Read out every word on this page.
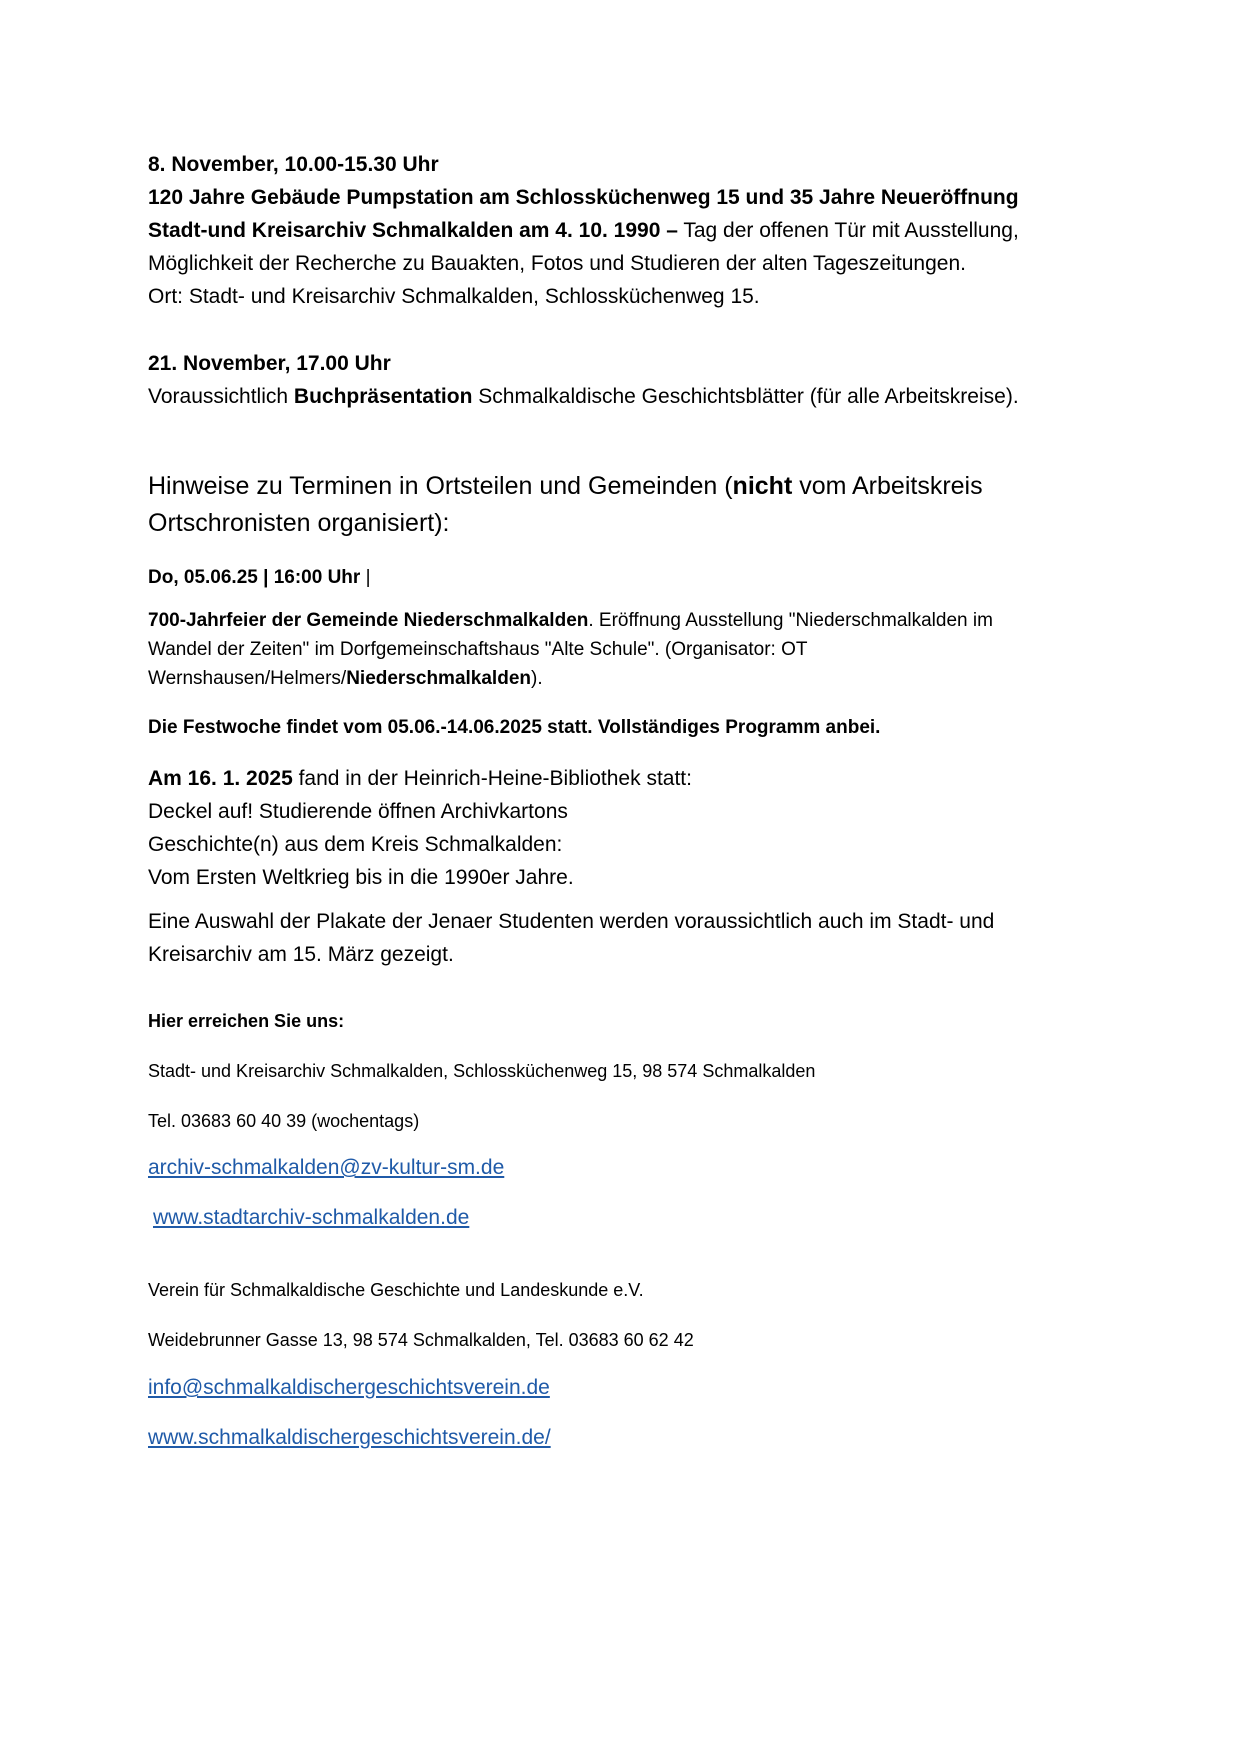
8. November, 10.00-15.30 Uhr
120 Jahre Gebäude Pumpstation am Schlossküchenweg 15 und 35 Jahre Neueröffnung
Stadt-und Kreisarchiv Schmalkalden am 4. 10. 1990 – Tag der offenen Tür mit Ausstellung,
Möglichkeit der Recherche zu Bauakten, Fotos und Studieren der alten Tageszeitungen.
Ort: Stadt- und Kreisarchiv Schmalkalden, Schlossküchenweg 15.
21. November, 17.00 Uhr
Voraussichtlich Buchpräsentation Schmalkaldische Geschichtsblätter (für alle Arbeitskreise).
Hinweise zu Terminen in Ortsteilen und Gemeinden (nicht vom Arbeitskreis
Ortschronisten organisiert):
Do, 05.06.25 | 16:00 Uhr |
700-Jahrfeier der Gemeinde Niederschmalkalden. Eröffnung Ausstellung "Niederschmalkalden im
Wandel der Zeiten" im Dorfgemeinschaftshaus "Alte Schule". (Organisator: OT
Wernshausen/Helmers/Niederschmalkalden).
Die Festwoche findet vom 05.06.-14.06.2025 statt. Vollständiges Programm anbei.
Am 16. 1. 2025 fand in der Heinrich-Heine-Bibliothek statt:
Deckel auf! Studierende öffnen Archivkartons
Geschichte(n) aus dem Kreis Schmalkalden:
Vom Ersten Weltkrieg bis in die 1990er Jahre.
Eine Auswahl der Plakate der Jenaer Studenten werden voraussichtlich auch im Stadt- und
Kreisarchiv am 15. März gezeigt.
Hier erreichen Sie uns:
Stadt- und Kreisarchiv Schmalkalden, Schlossküchenweg 15, 98 574 Schmalkalden
Tel. 03683 60 40 39 (wochentags)
archiv-schmalkalden@zv-kultur-sm.de
www.stadtarchiv-schmalkalden.de
Verein für Schmalkaldische Geschichte und Landeskunde e.V.
Weidebrunner Gasse 13, 98 574 Schmalkalden, Tel. 03683 60 62 42
info@schmalkaldischergeschichtsverein.de
www.schmalkaldischergeschichtsverein.de/
